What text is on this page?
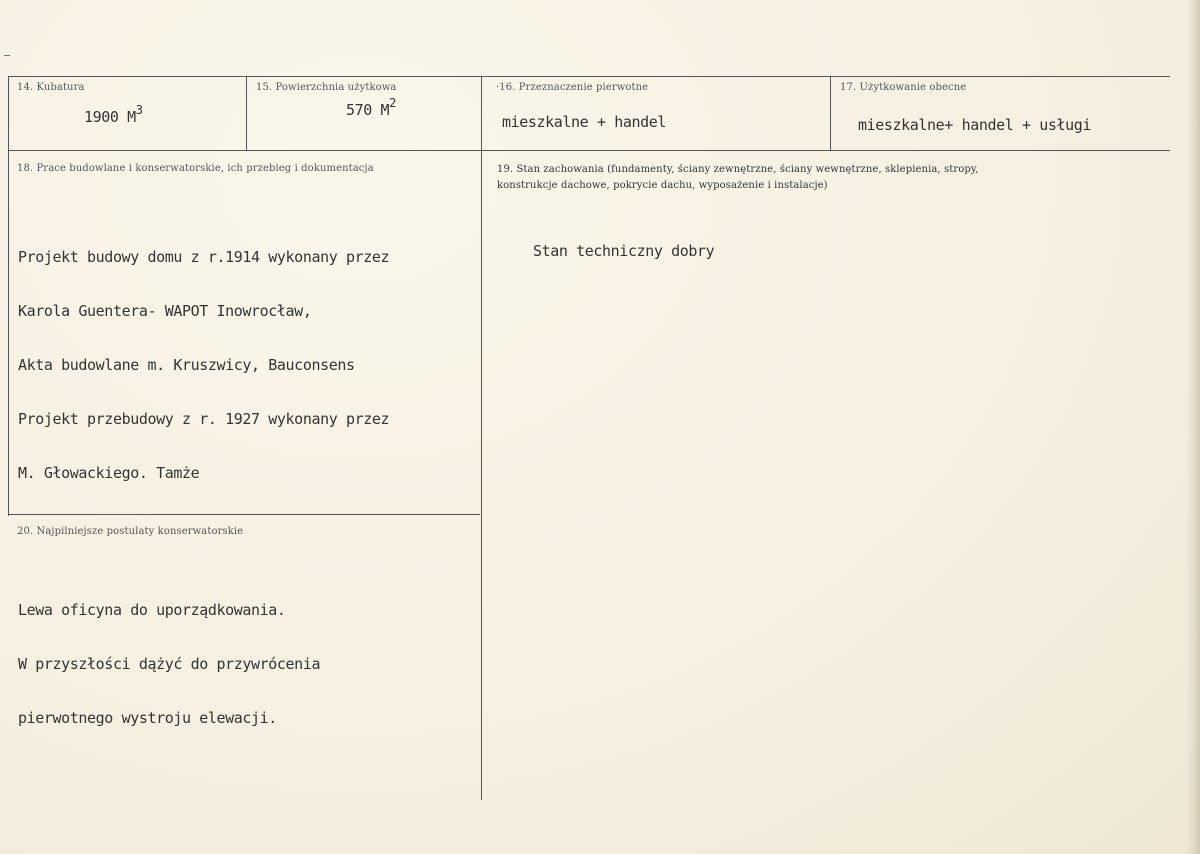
14. Kubatura
1900 $M^3$
15. Powierzchnia użytkowa
570 $M^2$
·16. Przeznaczenie pierwotne
mieszkalne + handel
17. Użytkowanie obecne
mieszkalne+ handel + usługi
18. Prace budowlane i konserwatorskie, ich przebieg i dokumentacja

Projekt budowy domu z r.1914 wykonany przez

Karola Guentera- WAPOT Inowrocław,

Akta budowlane m. Kruszwicy, Bauconsens

Projekt przebudowy z r. 1927 wykonany przez

M. Głowackiego. Tamże

19. Stan zachowania (fundamenty, ściany zewnętrzne, ściany wewnętrzne, sklepienia, stropy,
konstrukcje dachowe, pokrycie dachu, wyposażenie i instalacje)
Stan techniczny dobry
20. Najpilniejsze postulaty konserwatorskie

Lewa oficyna do uporządkowania.

W przyszłości dążyć do przywrócenia

pierwotnego wystroju elewacji.
